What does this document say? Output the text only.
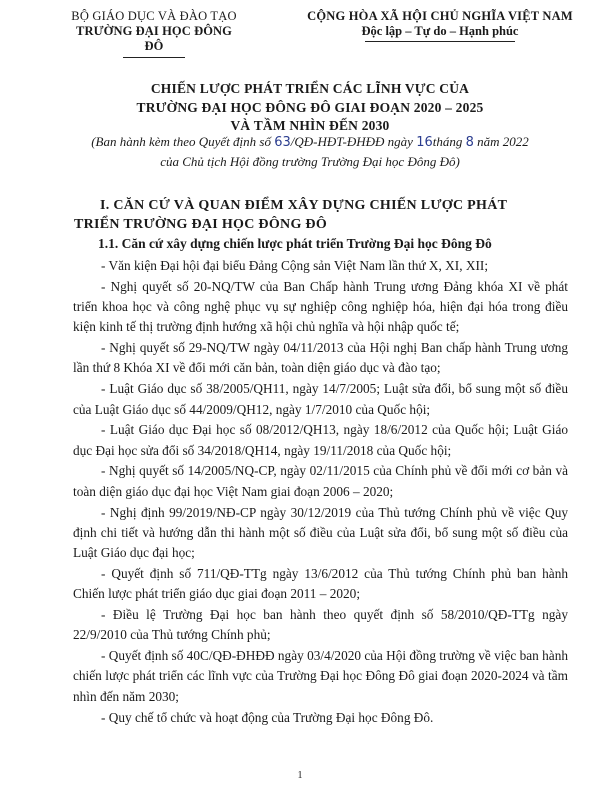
BỘ GIÁO DỤC VÀ ĐÀO TẠO
TRƯỜNG ĐẠI HỌC ĐÔNG ĐÔ
CỘNG HÒA XÃ HỘI CHỦ NGHĨA VIỆT NAM
Độc lập – Tự do – Hạnh phúc
CHIẾN LƯỢC PHÁT TRIỂN CÁC LĨNH VỰC CỦA
TRƯỜNG ĐẠI HỌC ĐÔNG ĐÔ GIAI ĐOẠN 2020 – 2025
VÀ TẦM NHÌN ĐẾN 2030
(Ban hành kèm theo Quyết định số 63/QĐ-HĐT-ĐHĐĐ ngày 16tháng 8 năm 2022
của Chủ tịch Hội đồng trường Trường Đại học Đông Đô)
I. CĂN CỨ VÀ QUAN ĐIỂM XÂY DỰNG CHIẾN LƯỢC PHÁT
TRIỂN TRƯỜNG ĐẠI HỌC ĐÔNG ĐÔ
1.1. Căn cứ xây dựng chiến lược phát triển Trường Đại học Đông Đô

- Văn kiện Đại hội đại biểu Đảng Cộng sản Việt Nam lần thứ X, XI, XII;

- Nghị quyết số 20-NQ/TW của Ban Chấp hành Trung ương Đảng khóa XI về phát triển khoa học và công nghệ phục vụ sự nghiệp công nghiệp hóa, hiện đại hóa trong điều kiện kinh tế thị trường định hướng xã hội chủ nghĩa và hội nhập quốc tế;

- Nghị quyết số 29-NQ/TW ngày 04/11/2013 của Hội nghị Ban chấp hành Trung ương lần thứ 8 Khóa XI về đổi mới căn bản, toàn diện giáo dục và đào tạo;

- Luật Giáo dục số 38/2005/QH11, ngày 14/7/2005; Luật sửa đổi, bổ sung một số điều của Luật Giáo dục số 44/2009/QH12, ngày 1/7/2010 của Quốc hội;

- Luật Giáo dục Đại học số 08/2012/QH13, ngày 18/6/2012 của Quốc hội; Luật Giáo dục Đại học sửa đổi số 34/2018/QH14, ngày 19/11/2018 của Quốc hội;

- Nghị quyết số 14/2005/NQ-CP, ngày 02/11/2015 của Chính phủ về đổi mới cơ bản và toàn diện giáo dục đại học Việt Nam giai đoạn 2006 – 2020;

- Nghị định 99/2019/NĐ-CP ngày 30/12/2019 của Thủ tướng Chính phủ về việc Quy định chi tiết và hướng dẫn thi hành một số điều của Luật sửa đổi, bổ sung một số điều của Luật Giáo dục đại học;

- Quyết định số 711/QĐ-TTg ngày 13/6/2012 của Thủ tướng Chính phủ ban hành Chiến lược phát triển giáo dục giai đoạn 2011 – 2020;

- Điều lệ Trường Đại học ban hành theo quyết định số 58/2010/QĐ-TTg ngày 22/9/2010 của Thủ tướng Chính phủ;

- Quyết định số 40C/QĐ-ĐHĐĐ ngày 03/4/2020 của Hội đồng trường về việc ban hành chiến lược phát triển các lĩnh vực của Trường Đại học Đông Đô giai đoạn 2020-2024 và tầm nhìn đến năm 2030;

- Quy chế tổ chức và hoạt động của Trường Đại học Đông Đô.

1
